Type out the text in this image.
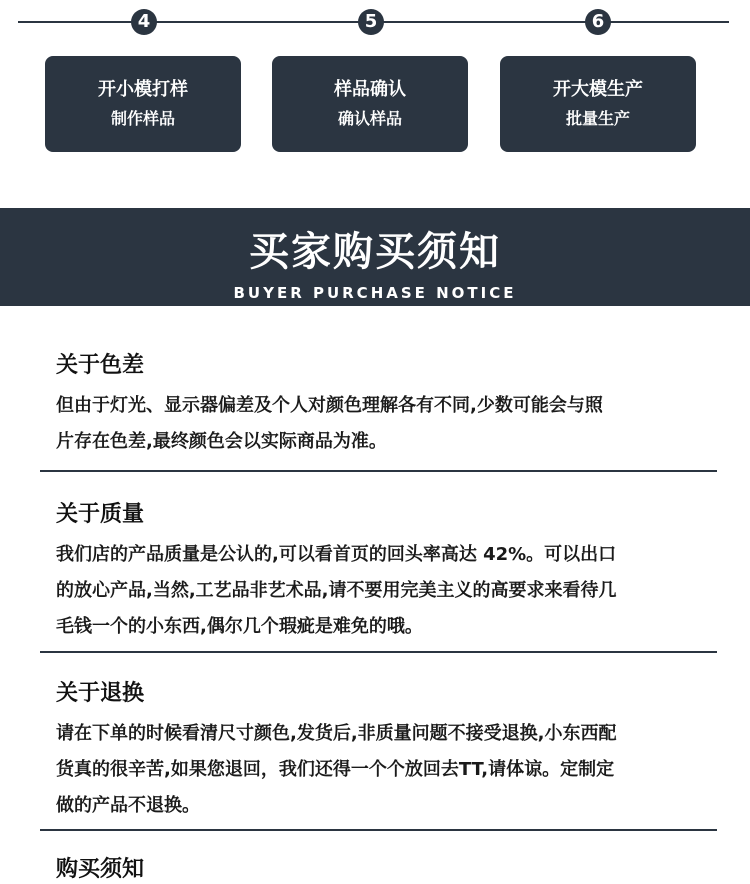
4	5	6
开小模打样
制作样品
样品确认
确认样品
开大模生产
批量生产
买家购买须知
BUYER PURCHASE NOTICE
关于色差

但由于灯光、显示器偏差及个人对颜色理解各有不同,少数可能会与照

片存在色差,最终颜色会以实际商品为准。

关于质量

我们店的产品质量是公认的,可以看首页的回头率高达 42%。可以出口

的放心产品,当然,工艺品非艺术品,请不要用完美主义的高要求来看待几

毛钱一个的小东西,偶尔几个瑕疵是难免的哦。

关于退换

请在下单的时候看清尺寸颜色,发货后,非质量问题不接受退换,小东西配

货真的很辛苦,如果您退回，我们还得一个个放回去TT,请体谅。定制定

做的产品不退换。

购买须知
